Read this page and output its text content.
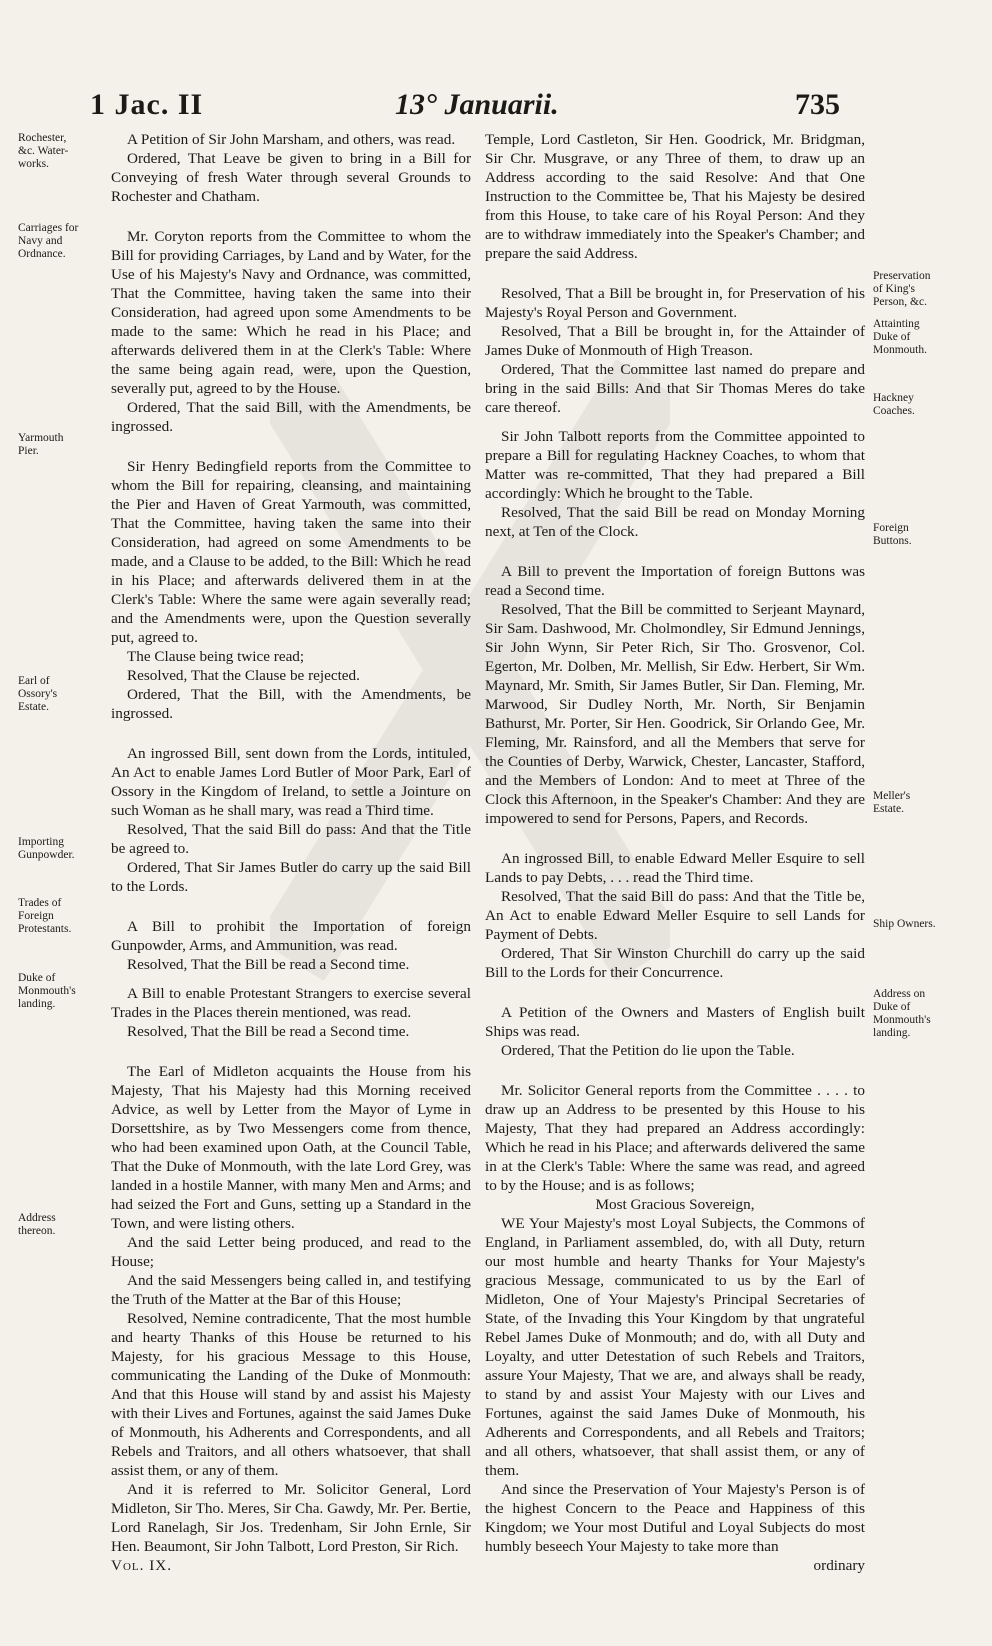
1 Jac. II	13° Januarii.	735

A Petition of Sir John Marsham, and others, was read.

Ordered, That Leave be given to bring in a Bill for Conveying of fresh Water through several Grounds to Rochester and Chatham.

Mr. Coryton reports from the Committee to whom the Bill for providing Carriages, by Land and by Water, for the Use of his Majesty's Navy and Ordnance, was committed, That the Committee, having taken the same into their Consideration, had agreed upon some Amendments to be made to the same: Which he read in his Place; and afterwards delivered them in at the Clerk's Table: Where the same being again read, were, upon the Question, severally put, agreed to by the House.

Ordered, That the said Bill, with the Amendments, be ingrossed.

Sir Henry Bedingfield reports from the Committee to whom the Bill for repairing, cleansing, and maintaining the Pier and Haven of Great Yarmouth, was committed, That the Committee, having taken the same into their Consideration, had agreed on some Amendments to be made, and a Clause to be added, to the Bill: Which he read in his Place; and afterwards delivered them in at the Clerk's Table: Where the same were again severally read; and the Amendments were, upon the Question severally put, agreed to.

The Clause being twice read;

Resolved, That the Clause be rejected.

Ordered, That the Bill, with the Amendments, be ingrossed.

An ingrossed Bill, sent down from the Lords, intituled, An Act to enable James Lord Butler of Moor Park, Earl of Ossory in the Kingdom of Ireland, to settle a Jointure on such Woman as he shall mary, was read a Third time.

Resolved, That the said Bill do pass: And that the Title be agreed to.

Ordered, That Sir James Butler do carry up the said Bill to the Lords.

A Bill to prohibit the Importation of foreign Gunpowder, Arms, and Ammunition, was read.

Resolved, That the Bill be read a Second time.

A Bill to enable Protestant Strangers to exercise several Trades in the Places therein mentioned, was read.

Resolved, That the Bill be read a Second time.

The Earl of Midleton acquaints the House from his Majesty, That his Majesty had this Morning received Advice, as well by Letter from the Mayor of Lyme in Dorsettshire, as by Two Messengers come from thence, who had been examined upon Oath, at the Council Table, That the Duke of Monmouth, with the late Lord Grey, was landed in a hostile Manner, with many Men and Arms; and had seized the Fort and Guns, setting up a Standard in the Town, and were listing others.

And the said Letter being produced, and read to the House;

And the said Messengers being called in, and testifying the Truth of the Matter at the Bar of this House;

Resolved, Nemine contradicente, That the most humble and hearty Thanks of this House be returned to his Majesty, for his gracious Message to this House, communicating the Landing of the Duke of Monmouth: And that this House will stand by and assist his Majesty with their Lives and Fortunes, against the said James Duke of Monmouth, his Adherents and Correspondents, and all Rebels and Traitors, and all others whatsoever, that shall assist them, or any of them.

And it is referred to Mr. Solicitor General, Lord Midleton, Sir Tho. Meres, Sir Cha. Gawdy, Mr. Per. Bertie, Lord Ranelagh, Sir Jos. Tredenham, Sir John Ernle, Sir Hen. Beaumont, Sir John Talbott, Lord Preston, Sir Rich.

Vol. IX.

Temple, Lord Castleton, Sir Hen. Goodrick, Mr. Bridgman, Sir Chr. Musgrave, or any Three of them, to draw up an Address according to the said Resolve: And that One Instruction to the Committee be, That his Majesty be desired from this House, to take care of his Royal Person: And they are to withdraw immediately into the Speaker's Chamber; and prepare the said Address.

Resolved, That a Bill be brought in, for Preservation of his Majesty's Royal Person and Government.

Resolved, That a Bill be brought in, for the Attainder of James Duke of Monmouth of High Treason.

Ordered, That the Committee last named do prepare and bring in the said Bills: And that Sir Thomas Meres do take care thereof.

Sir John Talbott reports from the Committee appointed to prepare a Bill for regulating Hackney Coaches, to whom that Matter was re-committed, That they had prepared a Bill accordingly: Which he brought to the Table.

Resolved, That the said Bill be read on Monday Morning next, at Ten of the Clock.

A Bill to prevent the Importation of foreign Buttons was read a Second time.

Resolved, That the Bill be committed to Serjeant Maynard, Sir Sam. Dashwood, Mr. Cholmondley, Sir Edmund Jennings, Sir John Wynn, Sir Peter Rich, Sir Tho. Grosvenor, Col. Egerton, Mr. Dolben, Mr. Mellish, Sir Edw. Herbert, Sir Wm. Maynard, Mr. Smith, Sir James Butler, Sir Dan. Fleming, Mr. Marwood, Sir Dudley North, Mr. North, Sir Benjamin Bathurst, Mr. Porter, Sir Hen. Goodrick, Sir Orlando Gee, Mr. Fleming, Mr. Rainsford, and all the Members that serve for the Counties of Derby, Warwick, Chester, Lancaster, Stafford, and the Members of London: And to meet at Three of the Clock this Afternoon, in the Speaker's Chamber: And they are impowered to send for Persons, Papers, and Records.

An ingrossed Bill, to enable Edward Meller Esquire to sell Lands to pay Debts, . . . read the Third time.

Resolved, That the said Bill do pass: And that the Title be, An Act to enable Edward Meller Esquire to sell Lands for Payment of Debts.

Ordered, That Sir Winston Churchill do carry up the said Bill to the Lords for their Concurrence.

A Petition of the Owners and Masters of English built Ships was read.

Ordered, That the Petition do lie upon the Table.

Mr. Solicitor General reports from the Committee . . . . to draw up an Address to be presented by this House to his Majesty, That they had prepared an Address accordingly: Which he read in his Place; and afterwards delivered the same in at the Clerk's Table: Where the same was read, and agreed to by the House; and is as follows;

Most Gracious Sovereign,

WE Your Majesty's most Loyal Subjects, the Commons of England, in Parliament assembled, do, with all Duty, return our most humble and hearty Thanks for Your Majesty's gracious Message, communicated to us by the Earl of Midleton, One of Your Majesty's Principal Secretaries of State, of the Invading this Your Kingdom by that ungrateful Rebel James Duke of Monmouth; and do, with all Duty and Loyalty, and utter Detestation of such Rebels and Traitors, assure Your Majesty, That we are, and always shall be ready, to stand by and assist Your Majesty with our Lives and Fortunes, against the said James Duke of Monmouth, his Adherents and Correspondents, and all Rebels and Traitors; and all others, whatsoever, that shall assist them, or any of them.

And since the Preservation of Your Majesty's Person is of the highest Concern to the Peace and Happiness of this Kingdom; we Your most Dutiful and Loyal Subjects do most humbly beseech Your Majesty to take more than

ordinary

Rochester,
&c. Water-
works.
Carriages for
Navy and
Ordnance.
Yarmouth
Pier.
Earl of
Ossory's
Estate.
Importing
Gunpowder.
Trades of
Foreign
Protestants.
Duke of
Monmouth's
landing.
Address
thereon.
Preservation
of King's
Person, &c.
Attainting
Duke of
Monmouth.
Hackney
Coaches.
Foreign
Buttons.
Meller's
Estate.
Ship Owners.
Address on
Duke of
Monmouth's
landing.
